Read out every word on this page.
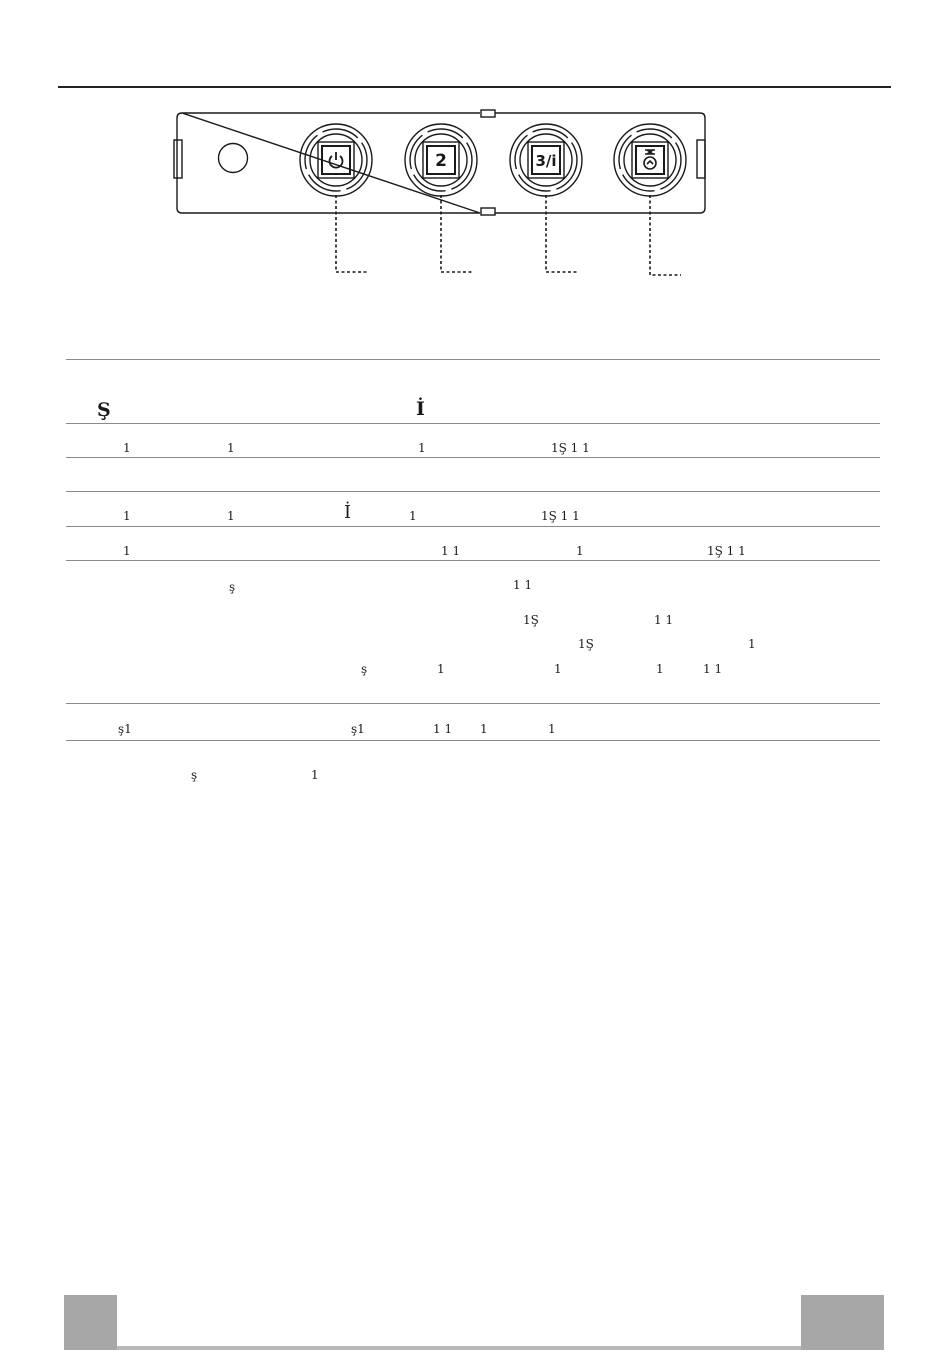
2	3/i
Ş	İ
1	1	1	1Ş 1 1
1	1	İ	1	1Ş 1 1
1	1 1	1	1Ş 1 1
ş	1 1
1Ş	1 1
1Ş	1
ş	1	1	1	1 1
ş1	ş1	1 1 1	1
ş	1
